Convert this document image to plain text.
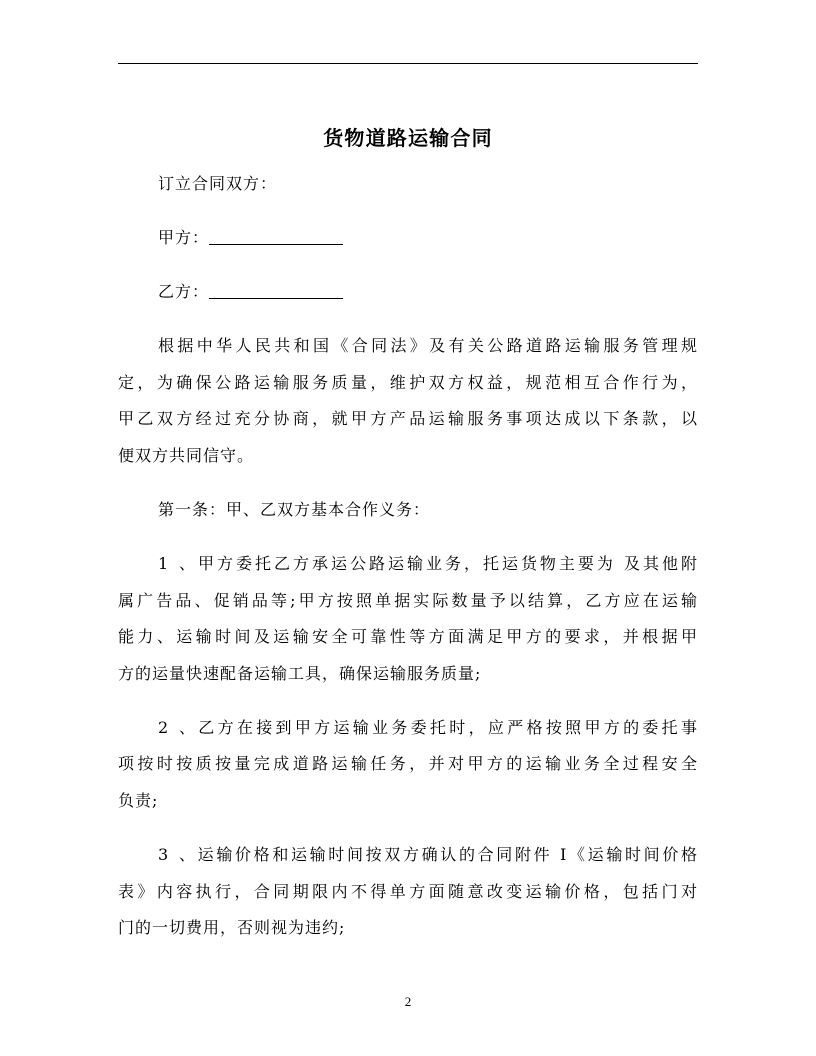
货物道路运输合同
订立合同双方：
甲方：
乙方：
根据中华人民共和国《合同法》及有关公路道路运输服务管理规
定，为确保公路运输服务质量，维护双方权益，规范相互合作行为，
甲乙双方经过充分协商，就甲方产品运输服务事项达成以下条款，以
便双方共同信守。
第一条：甲、乙双方基本合作义务：
1、甲方委托乙方承运公路运输业务，托运货物主要为 及其他附
属广告品、促销品等;甲方按照单据实际数量予以结算，乙方应在运输
能力、运输时间及运输安全可靠性等方面满足甲方的要求，并根据甲
方的运量快速配备运输工具，确保运输服务质量;
2、乙方在接到甲方运输业务委托时，应严格按照甲方的委托事
项按时按质按量完成道路运输任务，并对甲方的运输业务全过程安全
负责;
3、运输价格和运输时间按双方确认的合同附件 I《运输时间价格
表》内容执行，合同期限内不得单方面随意改变运输价格，包括门对
门的一切费用，否则视为违约;
2
